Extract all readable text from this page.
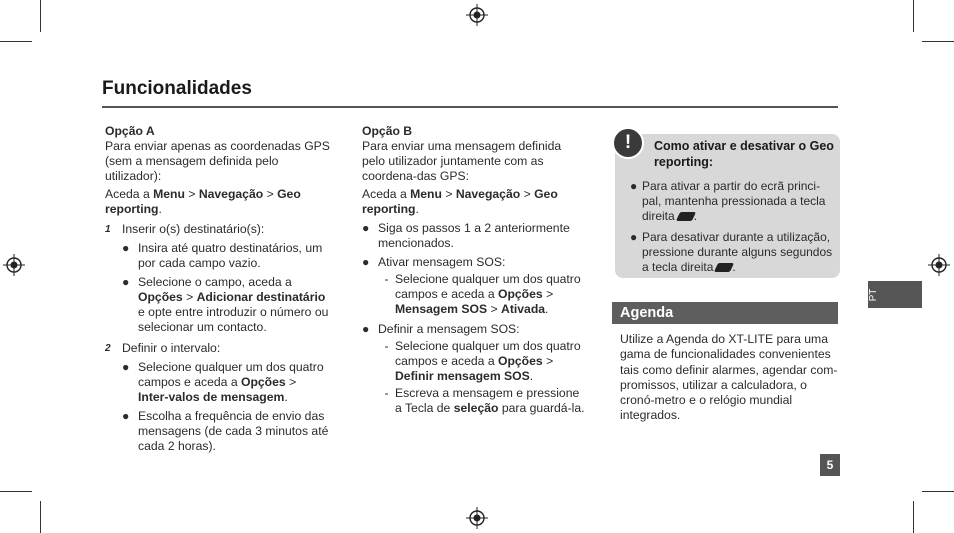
Funcionalidades

Opção A

Para enviar apenas as coordenadas GPS (sem a mensagem definida pelo utilizador):

Aceda a Menu > Navegação > Geo reporting.

1 Inserir o(s) destinatário(s):
● Insira até quatro destinatários, um por cada campo vazio.
● Selecione o campo, aceda a Opções > Adicionar destinatário e opte entre introduzir o número ou selecionar um contacto.
2 Definir o intervalo:
● Selecione qualquer um dos quatro campos e aceda a Opções > Inter-valos de mensagem.
● Escolha a frequência de envio das mensagens (de cada 3 minutos até cada 2 horas).

Opção B

Para enviar uma mensagem definida pelo utilizador juntamente com as coordena-das GPS:

Aceda a Menu > Navegação > Geo reporting.

● Siga os passos 1 a 2 anteriormente mencionados.
● Ativar mensagem SOS:
- Selecione qualquer um dos quatro campos e aceda a Opções > Mensagem SOS > Ativada.
● Definir a mensagem SOS:
- Selecione qualquer um dos quatro campos e aceda a Opções > Definir mensagem SOS.
- Escreva a mensagem e pressione a Tecla de seleção para guardá-la.
!	Como ativar e desativar o Geo reporting:
● Para ativar a partir do ecrã princi-pal, mantenha pressionada a tecla direita .
● Para desativar durante a utilização, pressione durante alguns segundos a tecla direita .
Agenda
Utilize a Agenda do XT-LITE para uma gama de funcionalidades convenientes tais como definir alarmes, agendar com-promissos, utilizar a calculadora, o cronó-metro e o relógio mundial integrados.
PT
5
